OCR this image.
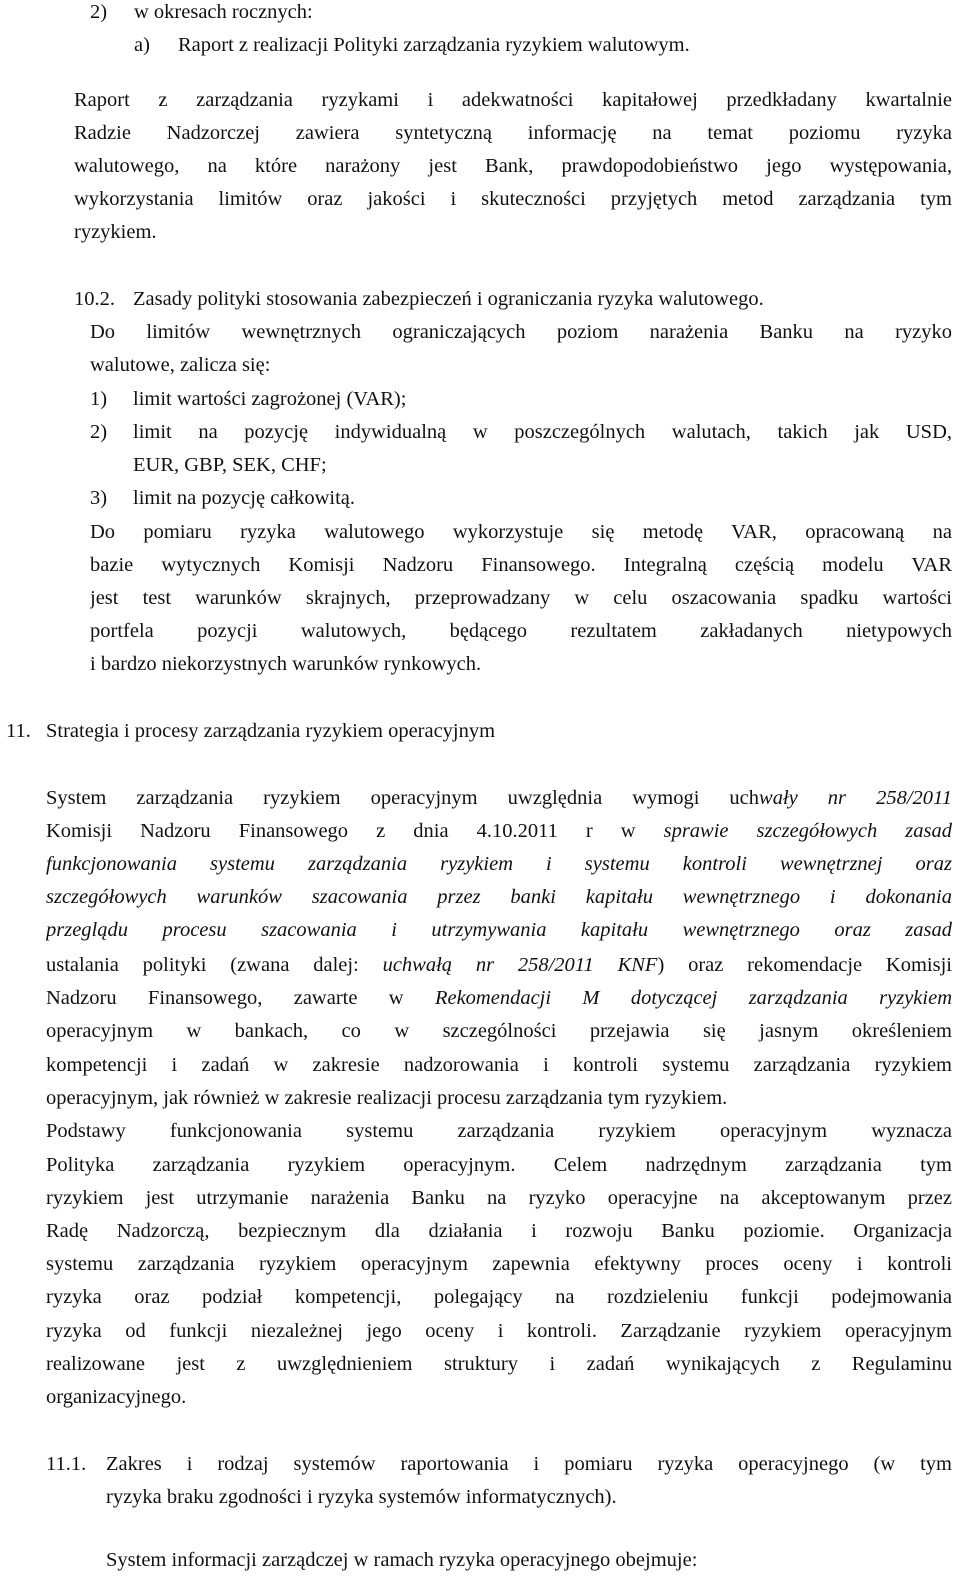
2) w okresach rocznych:
a) Raport z realizacji Polityki zarządzania ryzykiem walutowym.
Raport z zarządzania ryzykami i adekwatności kapitałowej przedkładany kwartalnie
Radzie Nadzorczej zawiera syntetyczną informację na temat poziomu ryzyka
walutowego, na które narażony jest Bank, prawdopodobieństwo jego występowania,
wykorzystania limitów oraz jakości i skuteczności przyjętych metod zarządzania tym
ryzykiem.
10.2. Zasady polityki stosowania zabezpieczeń i ograniczania ryzyka walutowego.
Do limitów wewnętrznych ograniczających poziom narażenia Banku na ryzyko
walutowe, zalicza się:
1) limit wartości zagrożonej (VAR);
2) limit na pozycję indywidualną w poszczególnych walutach, takich jak USD,
EUR, GBP, SEK, CHF;
3) limit na pozycję całkowitą.
Do pomiaru ryzyka walutowego wykorzystuje się metodę VAR, opracowaną na
bazie wytycznych Komisji Nadzoru Finansowego. Integralną częścią modelu VAR
jest test warunków skrajnych, przeprowadzany w celu oszacowania spadku wartości
portfela pozycji walutowych, będącego rezultatem zakładanych nietypowych
i bardzo niekorzystnych warunków rynkowych.
11. Strategia i procesy zarządzania ryzykiem operacyjnym
System zarządzania ryzykiem operacyjnym uwzględnia wymogi uchwały nr 258/2011
Komisji Nadzoru Finansowego z dnia 4.10.2011 r w sprawie szczegółowych zasad
funkcjonowania systemu zarządzania ryzykiem i systemu kontroli wewnętrznej oraz
szczegółowych warunków szacowania przez banki kapitału wewnętrznego i dokonania
przeglądu procesu szacowania i utrzymywania kapitału wewnętrznego oraz zasad
ustalania polityki (zwana dalej: uchwałą nr 258/2011 KNF) oraz rekomendacje Komisji
Nadzoru Finansowego, zawarte w Rekomendacji M dotyczącej zarządzania ryzykiem
operacyjnym w bankach, co w szczególności przejawia się jasnym określeniem
kompetencji i zadań w zakresie nadzorowania i kontroli systemu zarządzania ryzykiem
operacyjnym, jak również w zakresie realizacji procesu zarządzania tym ryzykiem.
Podstawy funkcjonowania systemu zarządzania ryzykiem operacyjnym wyznacza
Polityka zarządzania ryzykiem operacyjnym. Celem nadrzędnym zarządzania tym
ryzykiem jest utrzymanie narażenia Banku na ryzyko operacyjne na akceptowanym przez
Radę Nadzorczą, bezpiecznym dla działania i rozwoju Banku poziomie. Organizacja
systemu zarządzania ryzykiem operacyjnym zapewnia efektywny proces oceny i kontroli
ryzyka oraz podział kompetencji, polegający na rozdzieleniu funkcji podejmowania
ryzyka od funkcji niezależnej jego oceny i kontroli. Zarządzanie ryzykiem operacyjnym
realizowane jest z uwzględnieniem struktury i zadań wynikających z Regulaminu
organizacyjnego.
11.1. Zakres i rodzaj systemów raportowania i pomiaru ryzyka operacyjnego (w tym
ryzyka braku zgodności i ryzyka systemów informatycznych).
System informacji zarządczej w ramach ryzyka operacyjnego obejmuje:
